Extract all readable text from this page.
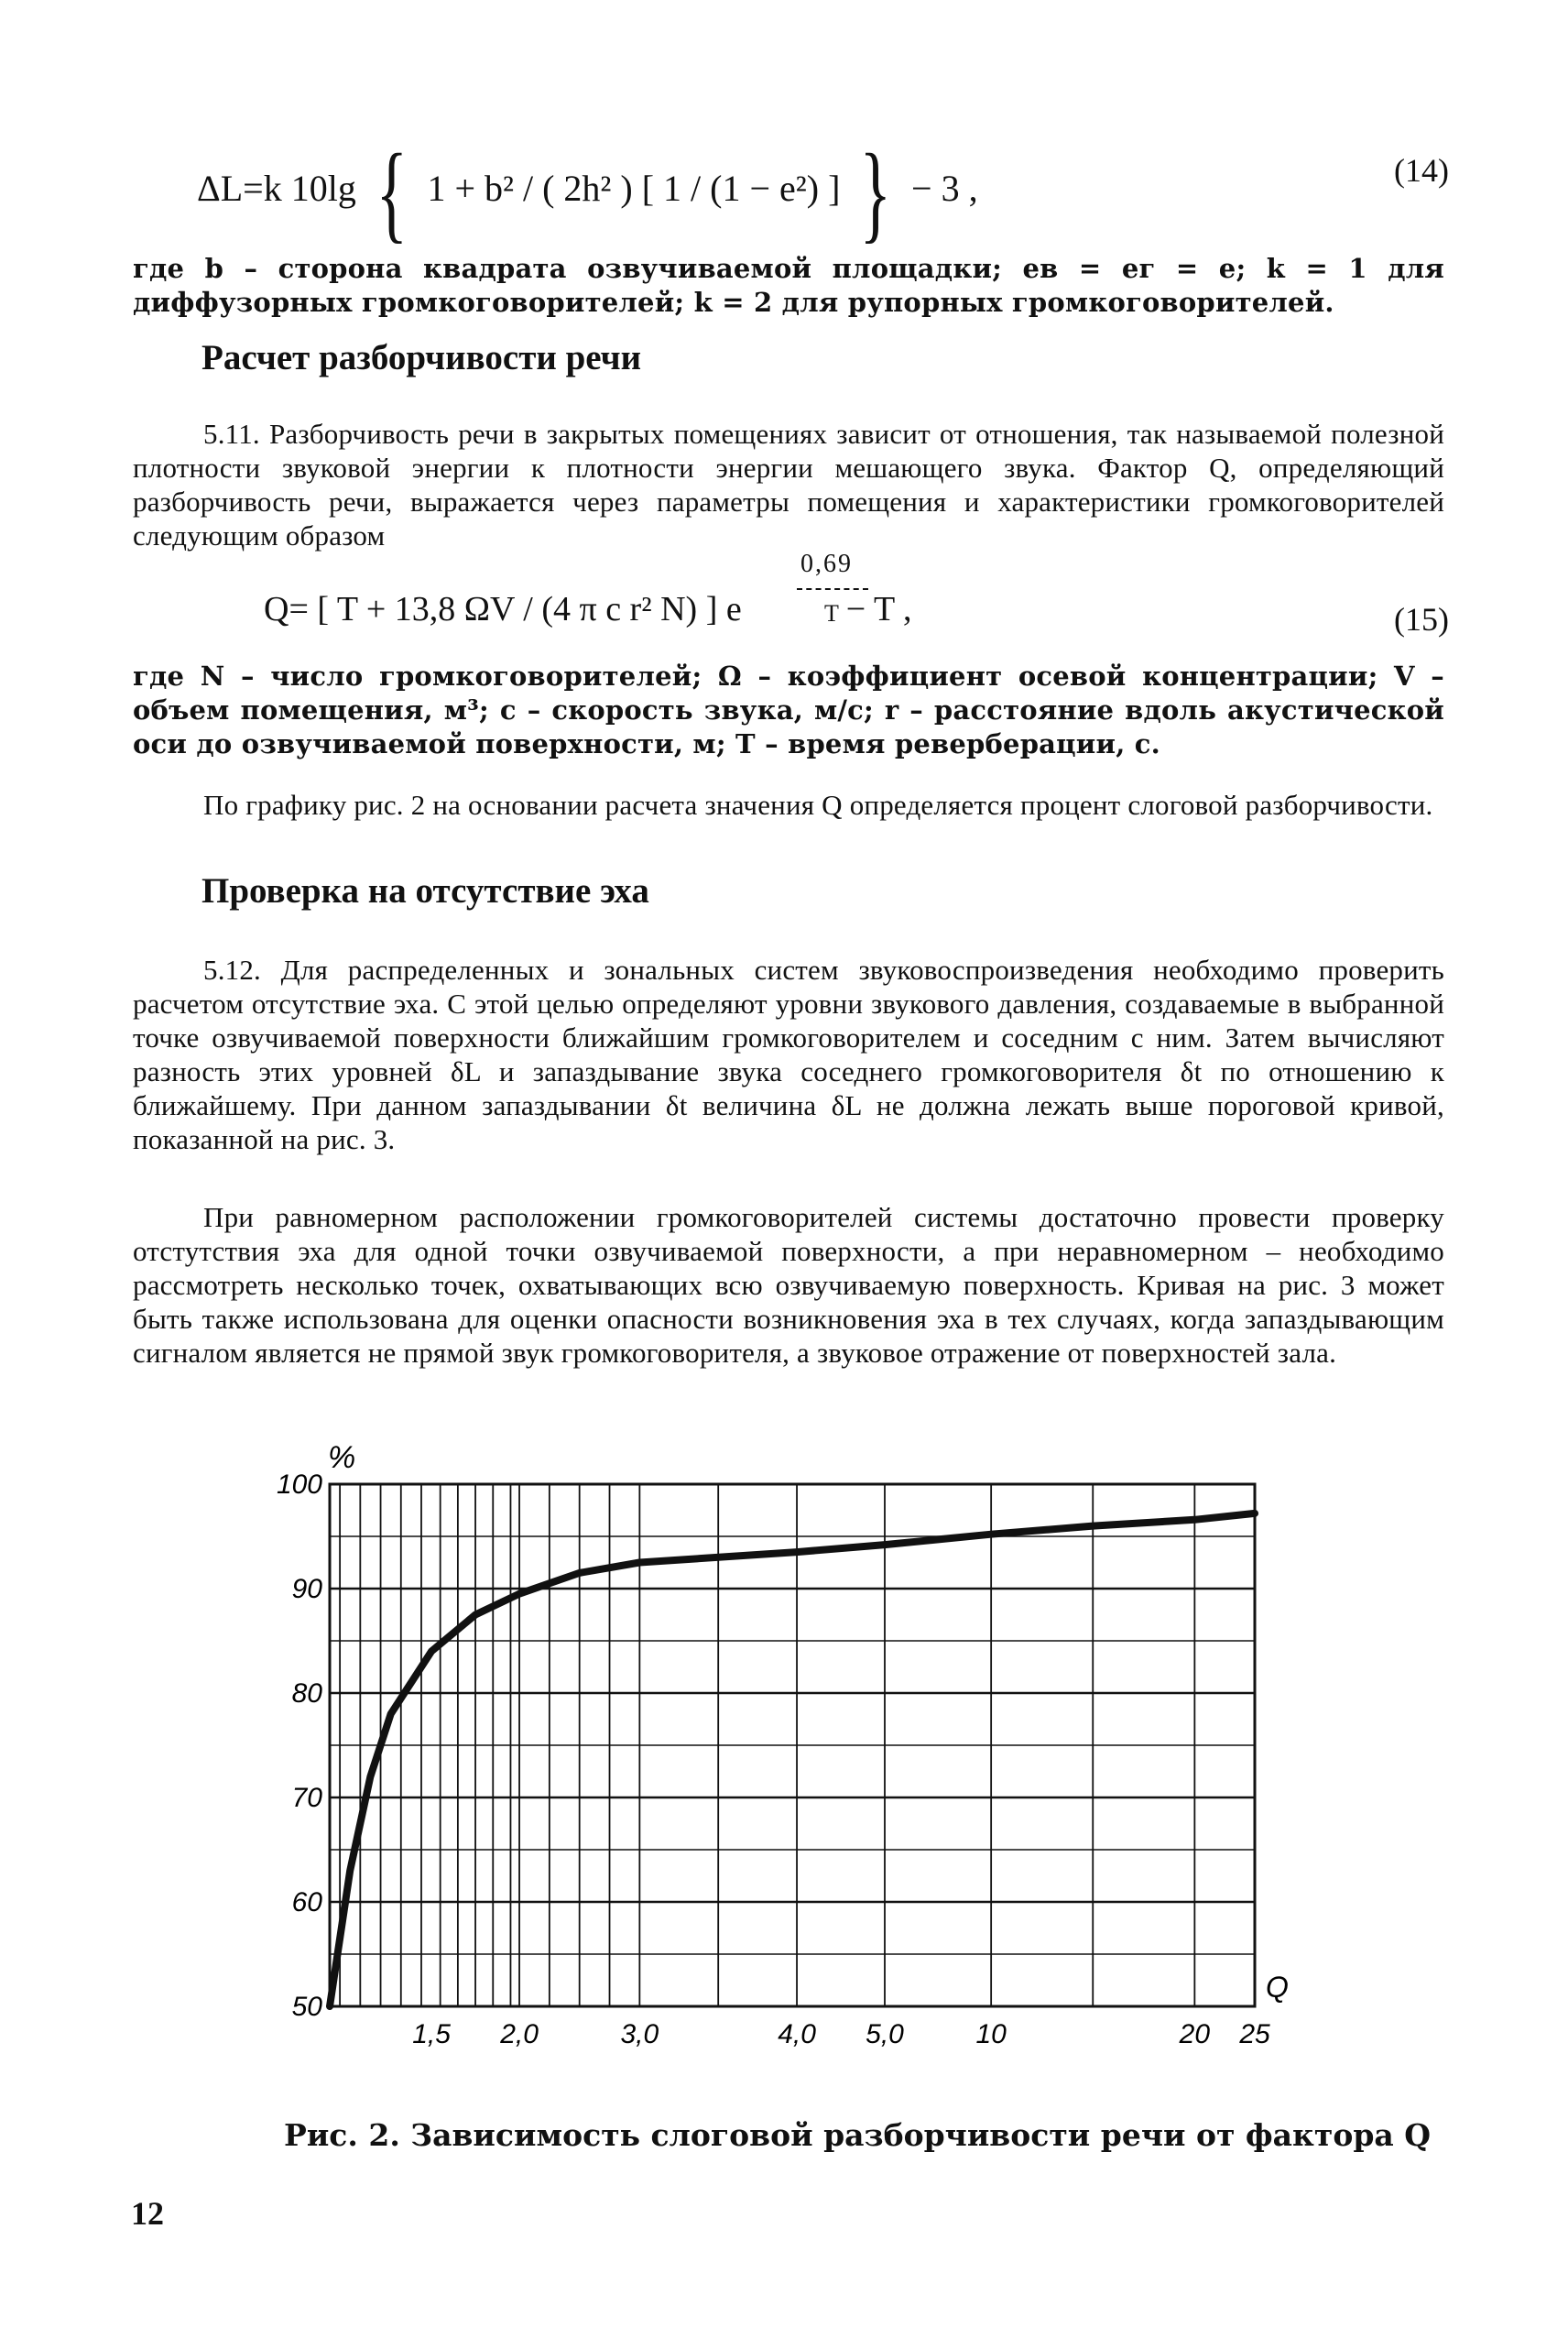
ΔL=k 10lg { 1 + b² / ( 2h² ) [ 1 / (1 − e²) ] } − 3 ,	(14)

где b – сторона квадрата озвучиваемой площадки; eв = eг = e; k = 1 для диффузорных громкоговорителей; k = 2 для рупорных громкоговорителей.

Расчет разборчивости речи

5.11. Разборчивость речи в закрытых помещениях зависит от отношения, так называемой полезной плотности звуковой энергии к плотности энергии мешающего звука. Фактор Q, определяющий разборчивость речи, выражается через параметры помещения и характеристики громкоговорителей следующим образом

0,69
T
Q= [ T + 13,8 ΩV / (4 π c r² N) ] e	− T ,	(15)

где N – число громкоговорителей; Ω – коэффициент осевой концентрации; V – объем помещения, м³; c – скорость звука, м/с; r – расстояние вдоль акустической оси до озвучиваемой поверхности, м; T – время реверберации, с.

По графику рис. 2 на основании расчета значения Q определяется процент слоговой разборчивости.

Проверка на отсутствие эха

5.12. Для распределенных и зональных систем звуковоспроизведения необходимо проверить расчетом отсутствие эха. С этой целью определяют уровни звукового давления, создаваемые в выбранной точке озвучиваемой поверхности ближайшим громкоговорителем и соседним с ним. Затем вычисляют разность этих уровней δL и запаздывание звука соседнего громкоговорителя δt по отношению к ближайшему. При данном запаздывании δt величина δL не должна лежать выше пороговой кривой, показанной на рис. 3.

При равномерном расположении громкоговорителей системы достаточно провести проверку отстутствия эха для одной точки озвучиваемой поверхности, а при неравномерном – необходимо рассмотреть несколько точек, охватывающих всю озвучиваемую поверхность. Кривая на рис. 3 может быть также использована для оценки опасности возникновения эха в тех случаях, когда запаздывающим сигналом является не прямой звук громкоговорителя, а звуковое отражение от поверхностей зала.

50
60
70
80
90
100
1,5 2,0	3,0	4,0 5,0	10	20 25
%
Q
Рис. 2. Зависимость слоговой разборчивости речи от фактора Q
12
